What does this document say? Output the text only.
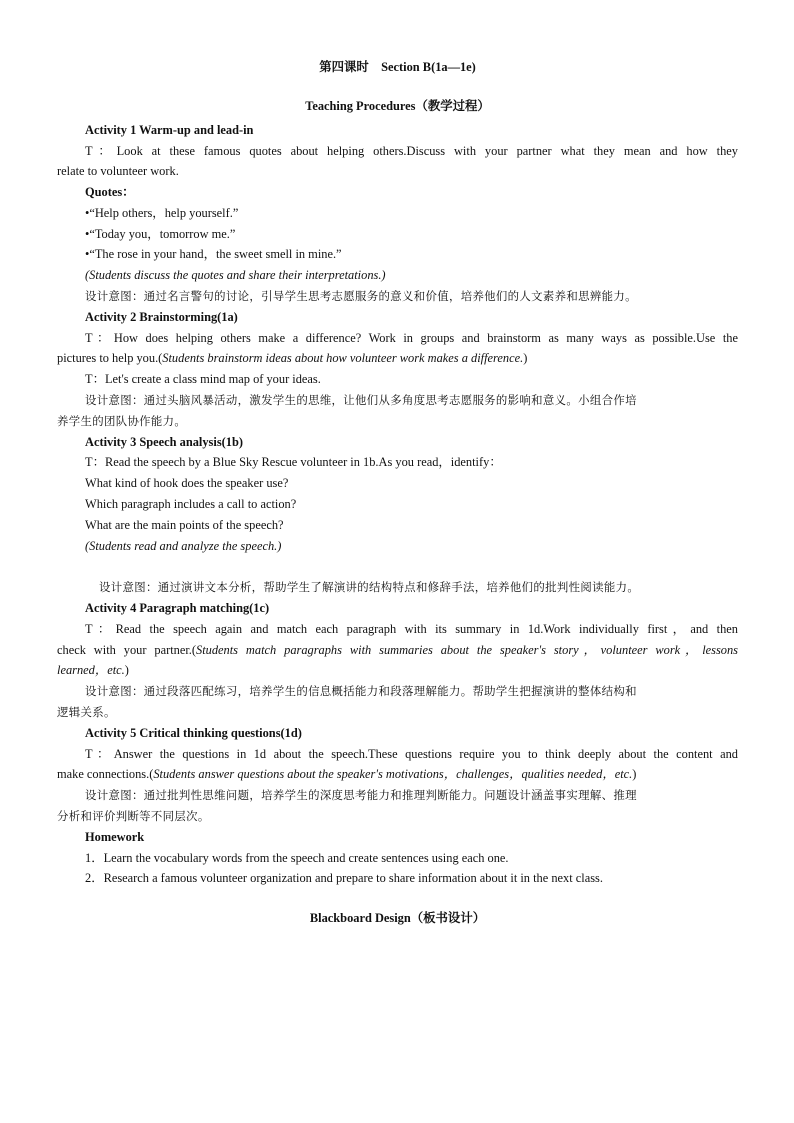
第四课时　Section B(1a—1e)
Teaching Procedures（教学过程）
Activity 1 Warm-up and lead-in
T：Look at these famous quotes about helping others.Discuss with your partner what they mean and how they
relate to volunteer work.
Quotes：
•“Help others，help yourself.”
•“Today you，tomorrow me.”
•“The rose in your hand，the sweet smell in mine.”
(Students discuss the quotes and share their interpretations.)
设计意图：通过名言警句的讨论，引导学生思考志愿服务的意义和价值，培养他们的人文素养和思辨能力。
Activity 2 Brainstorming(1a)
T：How does helping others make a difference? Work in groups and brainstorm as many ways as possible.Use the
pictures to help you.(Students brainstorm ideas about how volunteer work makes a difference.)
T：Let's create a class mind map of your ideas.
设计意图：通过头脑风暴活动，激发学生的思维，让他们从多角度思考志愿服务的影响和意义。小组合作培
养学生的团队协作能力。
Activity 3 Speech analysis(1b)
T：Read the speech by a Blue Sky Rescue volunteer in 1b.As you read，identify：
What kind of hook does the speaker use?
Which paragraph includes a call to action?
What are the main points of the speech?
(Students read and analyze the speech.)
设计意图：通过演讲文本分析，帮助学生了解演讲的结构特点和修辞手法，培养他们的批判性阅读能力。
Activity 4 Paragraph matching(1c)
T：Read the speech again and match each paragraph with its summary in 1d.Work individually first，and then
check with your partner.(Students match paragraphs with summaries about the speaker's story，volunteer work，lessons
learned，etc.)
设计意图：通过段落匹配练习，培养学生的信息概括能力和段落理解能力。帮助学生把握演讲的整体结构和
逻辑关系。
Activity 5 Critical thinking questions(1d)
T：Answer the questions in 1d about the speech.These questions require you to think deeply about the content and
make connections.(Students answer questions about the speaker's motivations，challenges，qualities needed，etc.)
设计意图：通过批判性思维问题，培养学生的深度思考能力和推理判断能力。问题设计涵盖事实理解、推理
分析和评价判断等不同层次。
Homework
1．Learn the vocabulary words from the speech and create sentences using each one.
2．Research a famous volunteer organization and prepare to share information about it in the next class.
Blackboard Design（板书设计）
